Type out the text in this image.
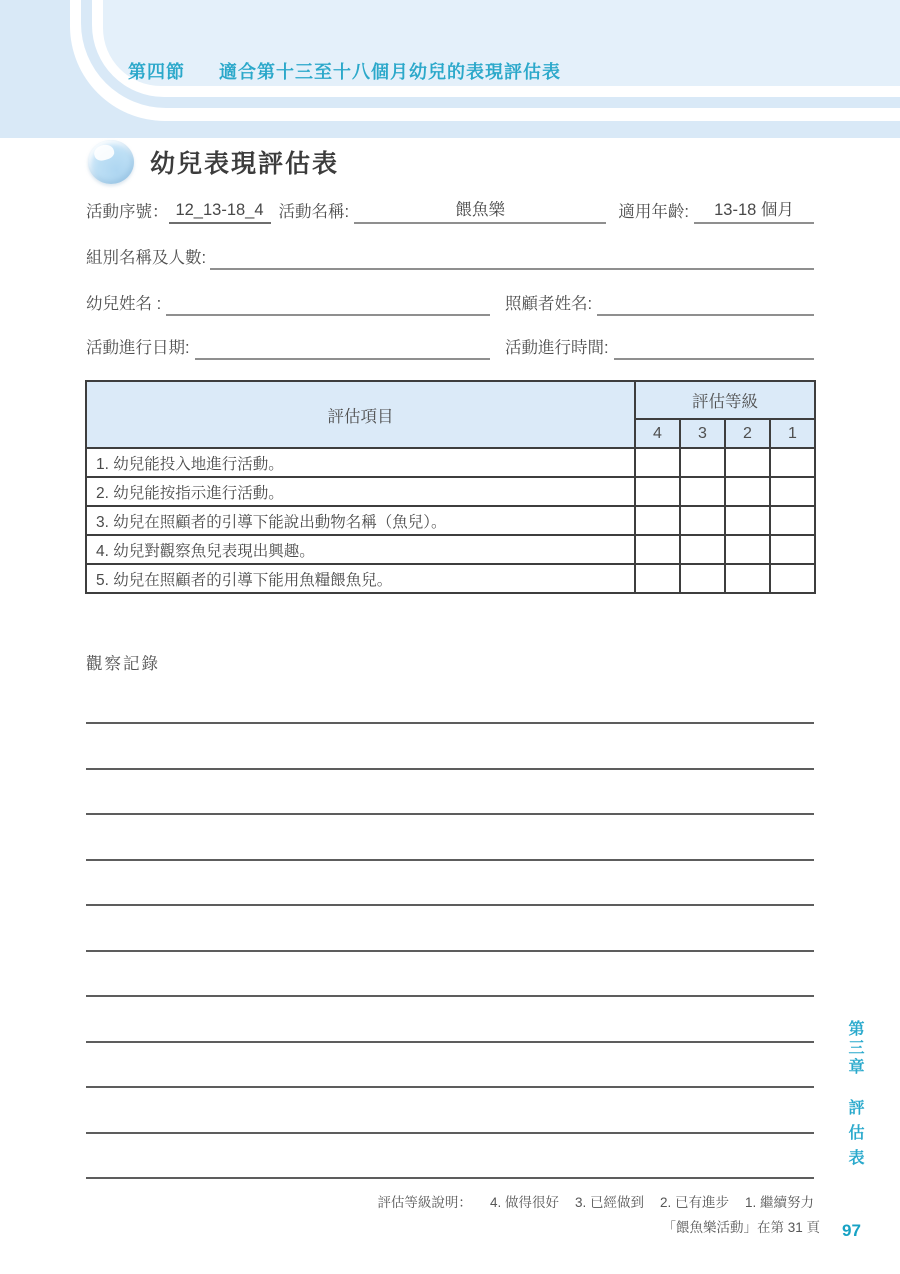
第四節 適合第十三至十八個月幼兒的表現評估表
幼兒表現評估表
活動序號： 12_13-18_4 活動名稱:	餵魚樂	適用年齡: 13-18 個月
組別名稱及人數:
幼兒姓名 :	照顧者姓名:
活動進行日期:	活動進行時間:
評估項目	評估等級			
	4	3	2	1
1. 幼兒能投入地進行活動。				
2. 幼兒能按指示進行活動。				
3. 幼兒在照顧者的引導下能說出動物名稱（魚兒）。				
4. 幼兒對觀察魚兒表現出興趣。				
5. 幼兒在照顧者的引導下能用魚糧餵魚兒。				
觀察記錄
第三章 評估表
評估等級說明： 4. 做得很好 3. 已經做到 2. 已有進步 1. 繼續努力
「餵魚樂活動」在第 31 頁 97
